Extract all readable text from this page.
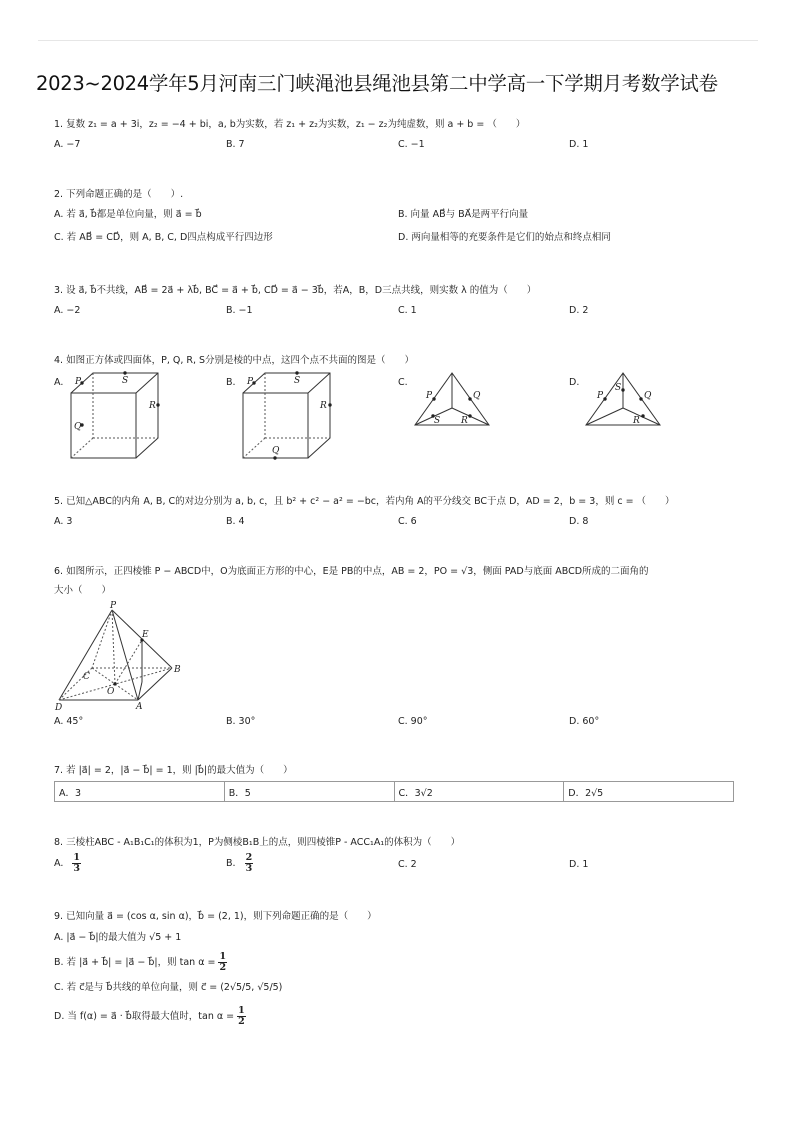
2023~2024学年5月河南三门峡渑池县绳池县第二中学高一下学期月考数学试卷
1. 复数 z₁ = a + 3i，z₂ = −4 + bi，a, b为实数，若 z₁ + z₂为实数，z₁ − z₂为纯虚数，则 a + b = （　　）
A. −7	B. 7	C. −1	D. 1
2. 下列命题正确的是（　　）.
A. 若 a⃗, b⃗都是单位向量，则 a⃗ = b⃗	B. 向量 AB⃗与 BA⃗是两平行向量
C. 若 AB⃗ = CD⃗，则 A, B, C, D四点构成平行四边形	D. 两向量相等的充要条件是它们的始点和终点相同
3. 设 a⃗, b⃗不共线，AB⃗ = 2a⃗ + λb⃗, BC⃗ = a⃗ + b⃗, CD⃗ = a⃗ − 3b⃗，若A，B，D三点共线，则实数 λ 的值为（　　）
A. −2	B. −1	C. 1	D. 2
4. 如图正方体或四面体，P, Q, R, S分别是棱的中点，这四个点不共面的图是（　　）
A.	B.	C.	D.
P	S
R
Q
P	S
R
Q
P	Q
S R
P	Q
S
R
5. 已知△ABC的内角 A, B, C的对边分别为 a, b, c，且 b² + c² − a² = −bc，若内角 A的平分线交 BC于点 D，AD = 2，b = 3，则 c = （　　）
A. 3	B. 4	C. 6	D. 8
6. 如图所示，正四棱锥 P − ABCD中，O为底面正方形的中心，E是 PB的中点，AB = 2，PO = √3，侧面 PAD与底面 ABCD所成的二面角的
大小（　　）
P
E
B
C
O
D	A
A. 45°	B. 30°	C. 90°	D. 60°
7. 若 |a⃗| = 2，|a⃗ − b⃗| = 1，则 |b⃗|的最大值为（　　）
A．3	B．5	C．3√2	D．2√5
8. 三棱柱ABC - A₁B₁C₁的体积为1，P为侧棱B₁B上的点，则四棱锥P - ACC₁A₁的体积为（　　）
A. $\frac{1}{3}$	B. $\frac{2}{3}$	C. 2	D. 1
9. 已知向量 a⃗ = (cos α, sin α)，b⃗ = (2, 1)，则下列命题正确的是（　　）
A. |a⃗ − b⃗|的最大值为 √5 + 1
B. 若 |a⃗ + b⃗| = |a⃗ − b⃗|，则 $\tan \alpha = \frac{1}{2}$
C. 若 c⃗是与 b⃗共线的单位向量，则 c⃗ = (2√5/5, √5/5)
D. 当 f(α) = a⃗ · b⃗取得最大值时，$\tan \alpha = \frac{1}{2}$
